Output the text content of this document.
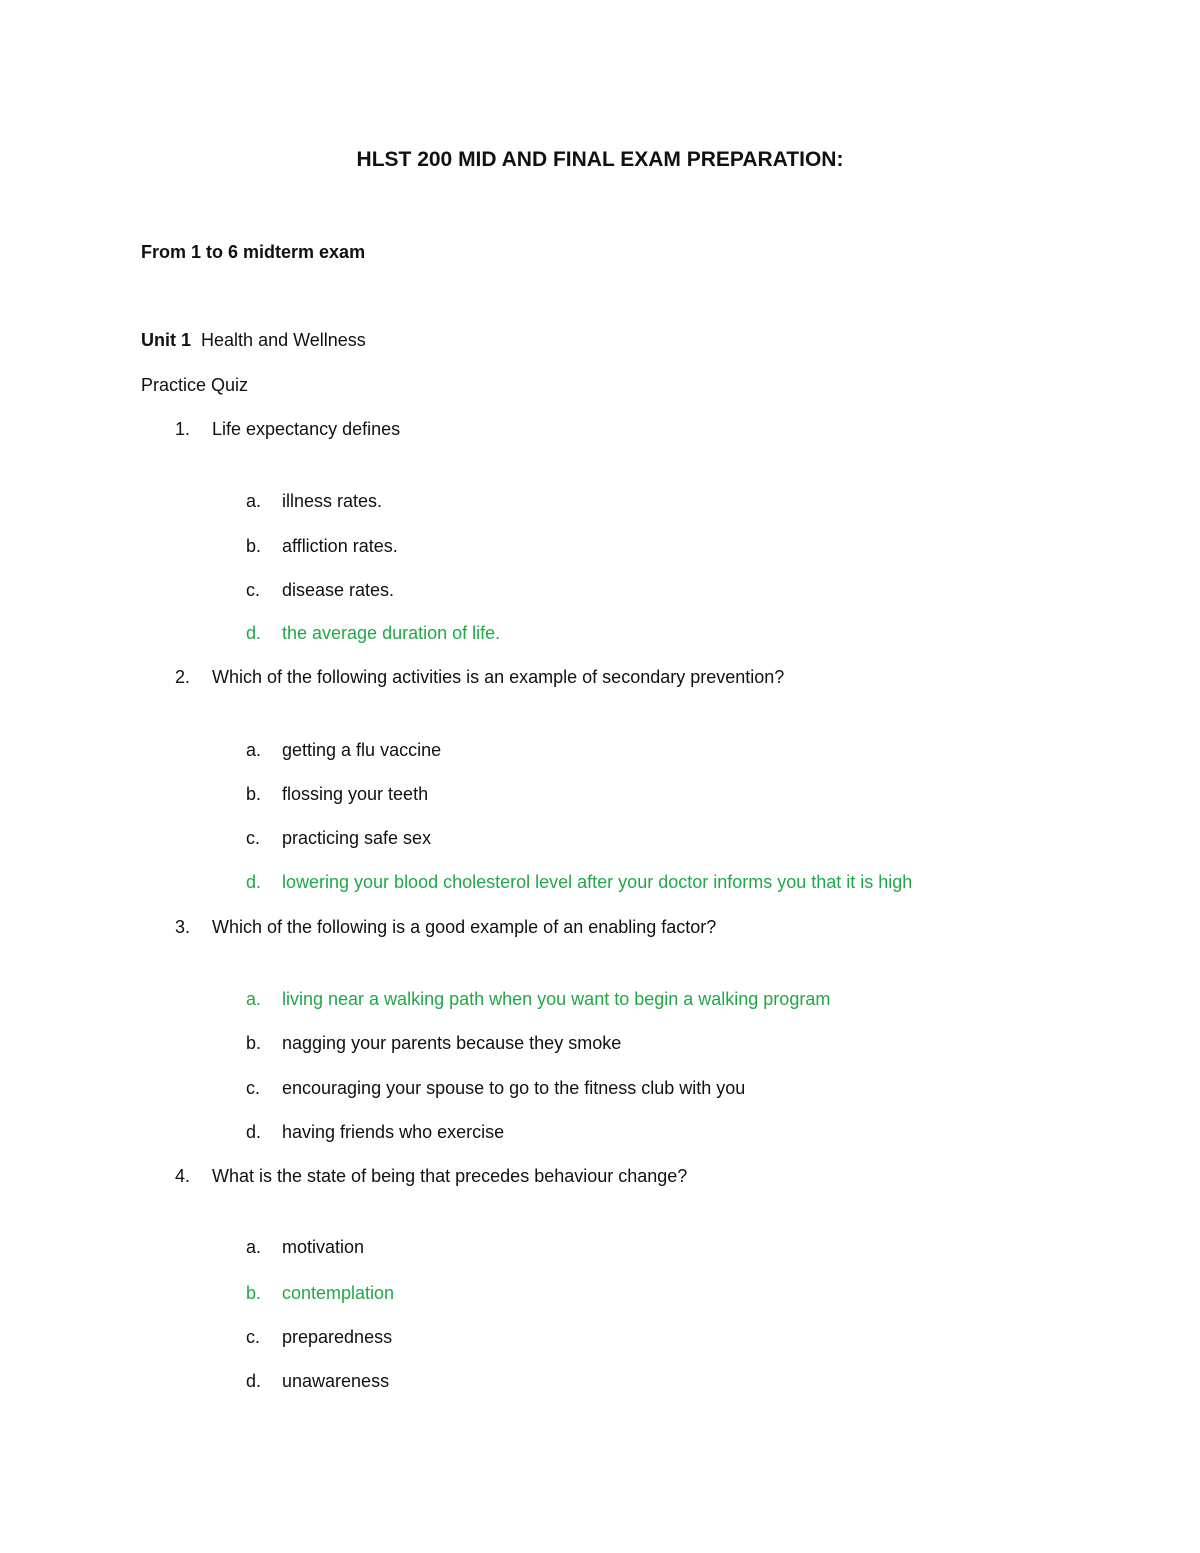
HLST 200 MID AND FINAL EXAM PREPARATION:

From 1 to 6 midterm exam

Unit 1 Health and Wellness
Practice Quiz
1. Life expectancy defines
a. illness rates.
b. affliction rates.
c. disease rates.
d. the average duration of life.
2. Which of the following activities is an example of secondary prevention?
a. getting a flu vaccine
b. flossing your teeth
c. practicing safe sex
d. lowering your blood cholesterol level after your doctor informs you that it is high
3. Which of the following is a good example of an enabling factor?
a. living near a walking path when you want to begin a walking program
b. nagging your parents because they smoke
c. encouraging your spouse to go to the fitness club with you
d. having friends who exercise
4. What is the state of being that precedes behaviour change?
a. motivation
b. contemplation
c. preparedness
d. unawareness
